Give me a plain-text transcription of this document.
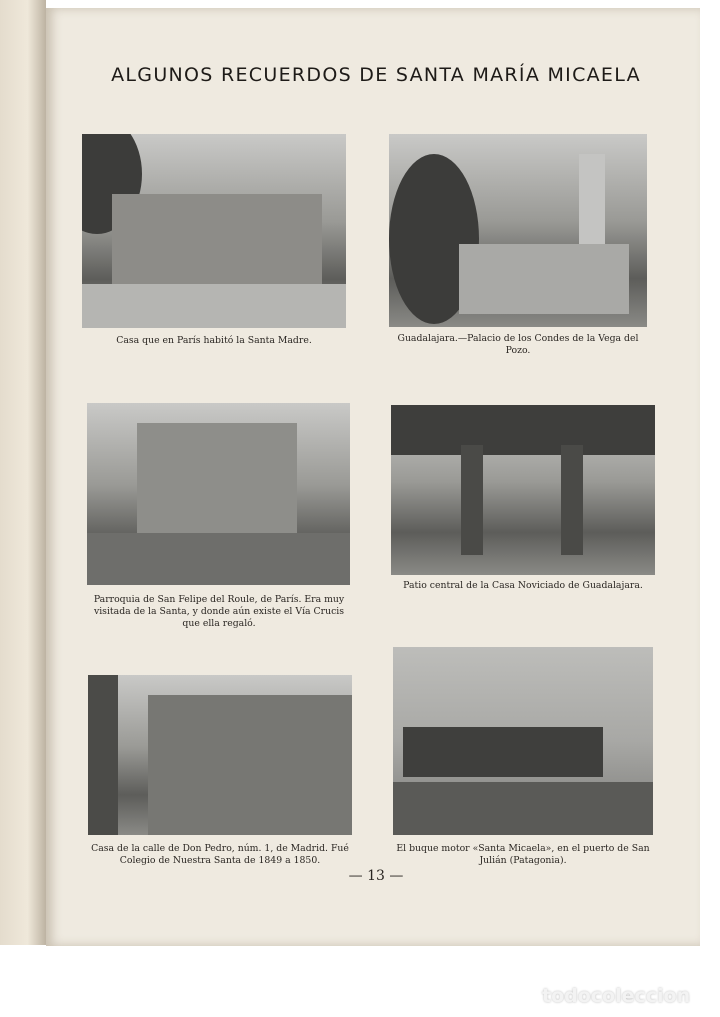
ALGUNOS RECUERDOS DE SANTA MARÍA MICAELA
Casa que en París habitó la Santa Madre.	Guadalajara.—Palacio de los Condes de la Vega del Pozo.
Parroquia de San Felipe del Roule, de París. Era muy visitada de la Santa, y donde aún existe el Vía Crucis que ella regaló.
Patio central de la Casa Noviciado de Guadalajara.
Casa de la calle de Don Pedro, núm. 1, de Madrid. Fué Colegio de Nuestra Santa de 1849 a 1850.
El buque motor «Santa Micaela», en el puerto de San Julián (Patagonia).
— 13 —
todocoleccion
